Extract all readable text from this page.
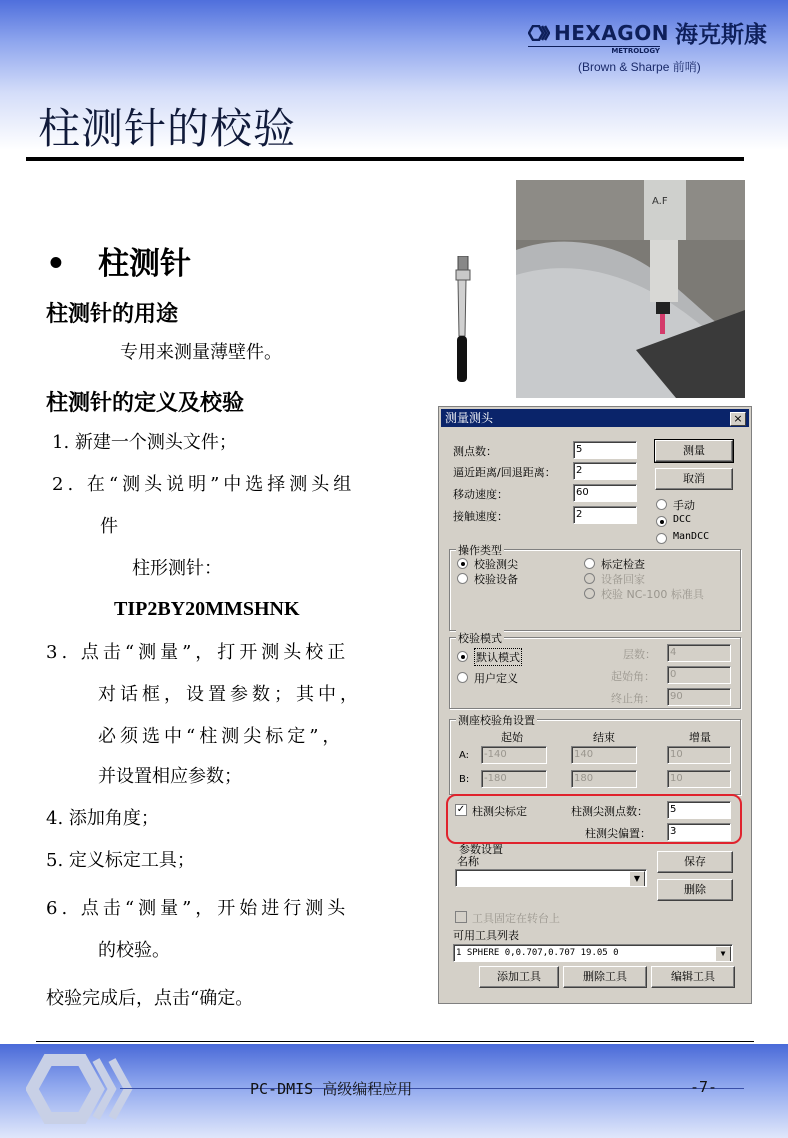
HEXAGON 海克斯康
METROLOGY
(Brown & Sharpe 前哨)
柱测针的校验
A.F
• 柱测针
柱测针的用途
专用来测量薄壁件。
柱测针的定义及校验
1. 新建一个测头文件；
2. 在“测头说明”中选择测头组
件
柱形测针：
TIP2BY20MMSHNK
3. 点击“测量”，打开测头校正
对话框，设置参数；其中，
必须选中“柱测尖标定”，
并设置相应参数；
4. 添加角度；
5. 定义标定工具；
6. 点击“测量”，开始进行测头
的校验。
校验完成后，点击“确定。
测量测头	×
测点数：	5
逼近距离/回退距离：	2
移动速度：	60
接触速度：	2
测量
取消
手动
DCC
ManDCC
操作类型
校验测尖
校验设备
标定检查
设备回家
校验 NC-100 标准具
校验模式
默认模式
用户定义
层数：	4
起始角：	0
终止角：	90
测座校验角设置
起始	结束	增量
A:	-140	140	10
B:	-180	180	10
✓ 柱测尖标定	柱测尖测点数：	5
柱测尖偏置：	3
参数设置
名称
▼
保存
删除
工具固定在转台上
可用工具列表
1 SPHERE 0,0.707,0.707 19.05 0	▼
添加工具	删除工具	编辑工具
PC-DMIS 高级编程应用	-7-
